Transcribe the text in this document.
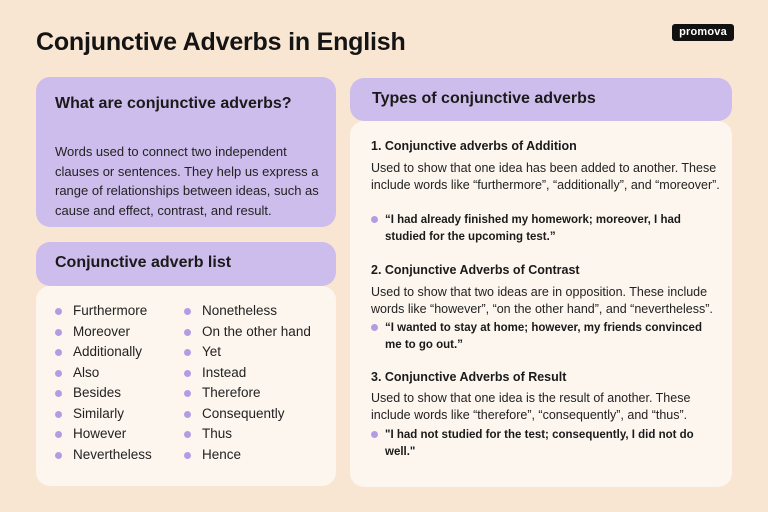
Conjunctive Adverbs in English	promova
What are conjunctive adverbs?
Words used to connect two independent clauses or sentences. They help us express a range of relationships between ideas, such as cause and effect, contrast, and result.
Conjunctive adverb list
Furthermore
Moreover
Additionally
Also
Besides
Similarly
However
Nevertheless
Nonetheless
On the other hand
Yet
Instead
Therefore
Consequently
Thus
Hence
Types of conjunctive adverbs
1. Conjunctive adverbs of Addition
Used to show that one idea has been added to another. These include words like “furthermore”, “additionally”, and “moreover”.
“I had already finished my homework; moreover, I had studied for the upcoming test.”
2. Conjunctive Adverbs of Contrast
Used to show that two ideas are in opposition. These include words like “however”, “on the other hand”, and “nevertheless”.
“I wanted to stay at home; however, my friends convinced me to go out.”
3. Conjunctive Adverbs of Result
Used to show that one idea is the result of another. These include words like “therefore”, “consequently”, and “thus”.
"I had not studied for the test; consequently, I did not do well."
